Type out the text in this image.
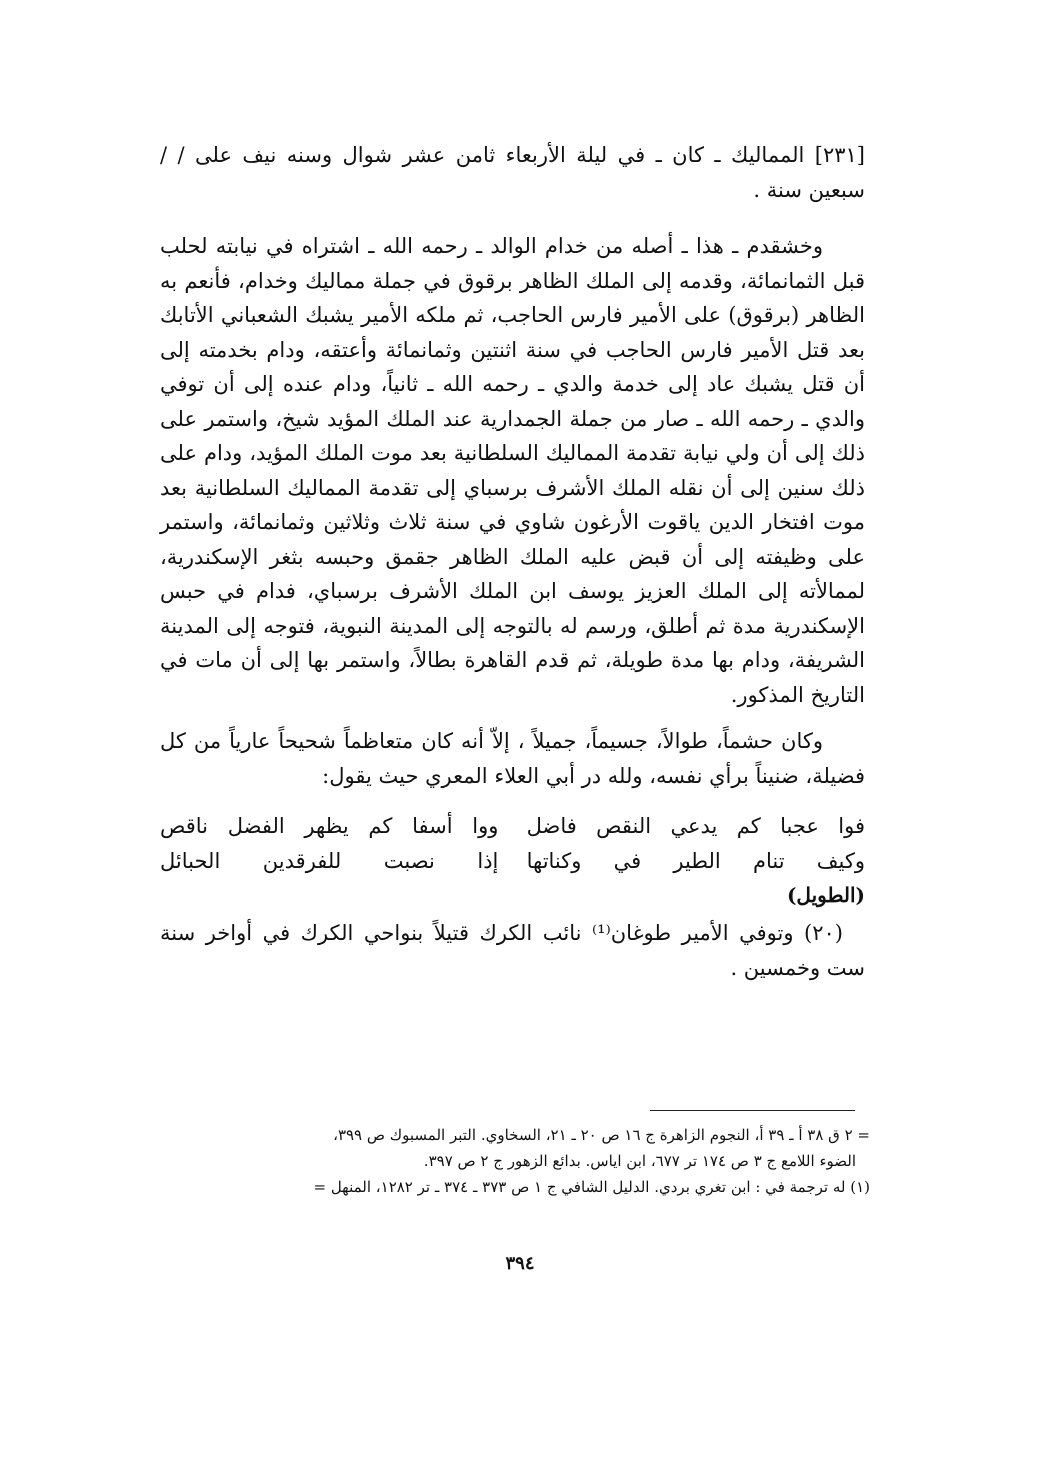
[٢٣١] المماليك ـ كان ـ في ليلة الأربعاء ثامن عشر شوال وسنه نيف على / / سبعين سنة .

وخشقدم ـ هذا ـ أصله من خدام الوالد ـ رحمه الله ـ اشتراه في نيابته لحلب قبل الثمانمائة، وقدمه إلى الملك الظاهر برقوق في جملة مماليك وخدام، فأنعم به الظاهر (برقوق) على الأمير فارس الحاجب، ثم ملكه الأمير يشبك الشعباني الأتابك بعد قتل الأمير فارس الحاجب في سنة اثنتين وثمانمائة وأعتقه، ودام بخدمته إلى أن قتل يشبك عاد إلى خدمة والدي ـ رحمه الله ـ ثانياً، ودام عنده إلى أن توفي والدي ـ رحمه الله ـ صار من جملة الجمدارية عند الملك المؤيد شيخ، واستمر على ذلك إلى أن ولي نيابة تقدمة المماليك السلطانية بعد موت الملك المؤيد، ودام على ذلك سنين إلى أن نقله الملك الأشرف برسباي إلى تقدمة المماليك السلطانية بعد موت افتخار الدين ياقوت الأرغون شاوي في سنة ثلاث وثلاثين وثمانمائة، واستمر على وظيفته إلى أن قبض عليه الملك الظاهر جقمق وحبسه بثغر الإسكندرية، لممالأته إلى الملك العزيز يوسف ابن الملك الأشرف برسباي، فدام في حبس الإسكندرية مدة ثم أطلق، ورسم له بالتوجه إلى المدينة النبوية، فتوجه إلى المدينة الشريفة، ودام بها مدة طويلة، ثم قدم القاهرة بطالاً، واستمر بها إلى أن مات في التاريخ المذكور.

وكان حشماً، طوالاً، جسيماً، جميلاً ، إلاّ أنه كان متعاظماً شحيحاً عارياً من كل فضيلة، ضنيناً برأي نفسه، ولله در أبي العلاء المعري حيث يقول:

فوا عجبا كم يدعي النقص فاضل
ووا أسفا كم يظهر الفضل ناقص
وكيف تنام الطير في وكناتها
إذا نصبت للفرقدين الحبائل
(الطويل)

(٢٠) وتوفي الأمير طوغان⁽¹⁾ نائب الكرك قتيلاً بنواحي الكرك في أواخر سنة ست وخمسين .

= ٢ ق ٣٨ أ ـ ٣٩ أ، النجوم الزاهرة ج ١٦ ص ٢٠ ـ ٢١، السخاوي. التبر المسبوك ص ٣٩٩،
الضوء اللامع ج ٣ ص ١٧٤ تر ٦٧٧، ابن اياس. بدائع الزهور ج ٢ ص ٣٩٧.
(١) له ترجمة في : ابن تغري بردي. الدليل الشافي ج ١ ص ٣٧٣ ـ ٣٧٤ ـ تر ١٢٨٢، المنهل =
٣٩٤
